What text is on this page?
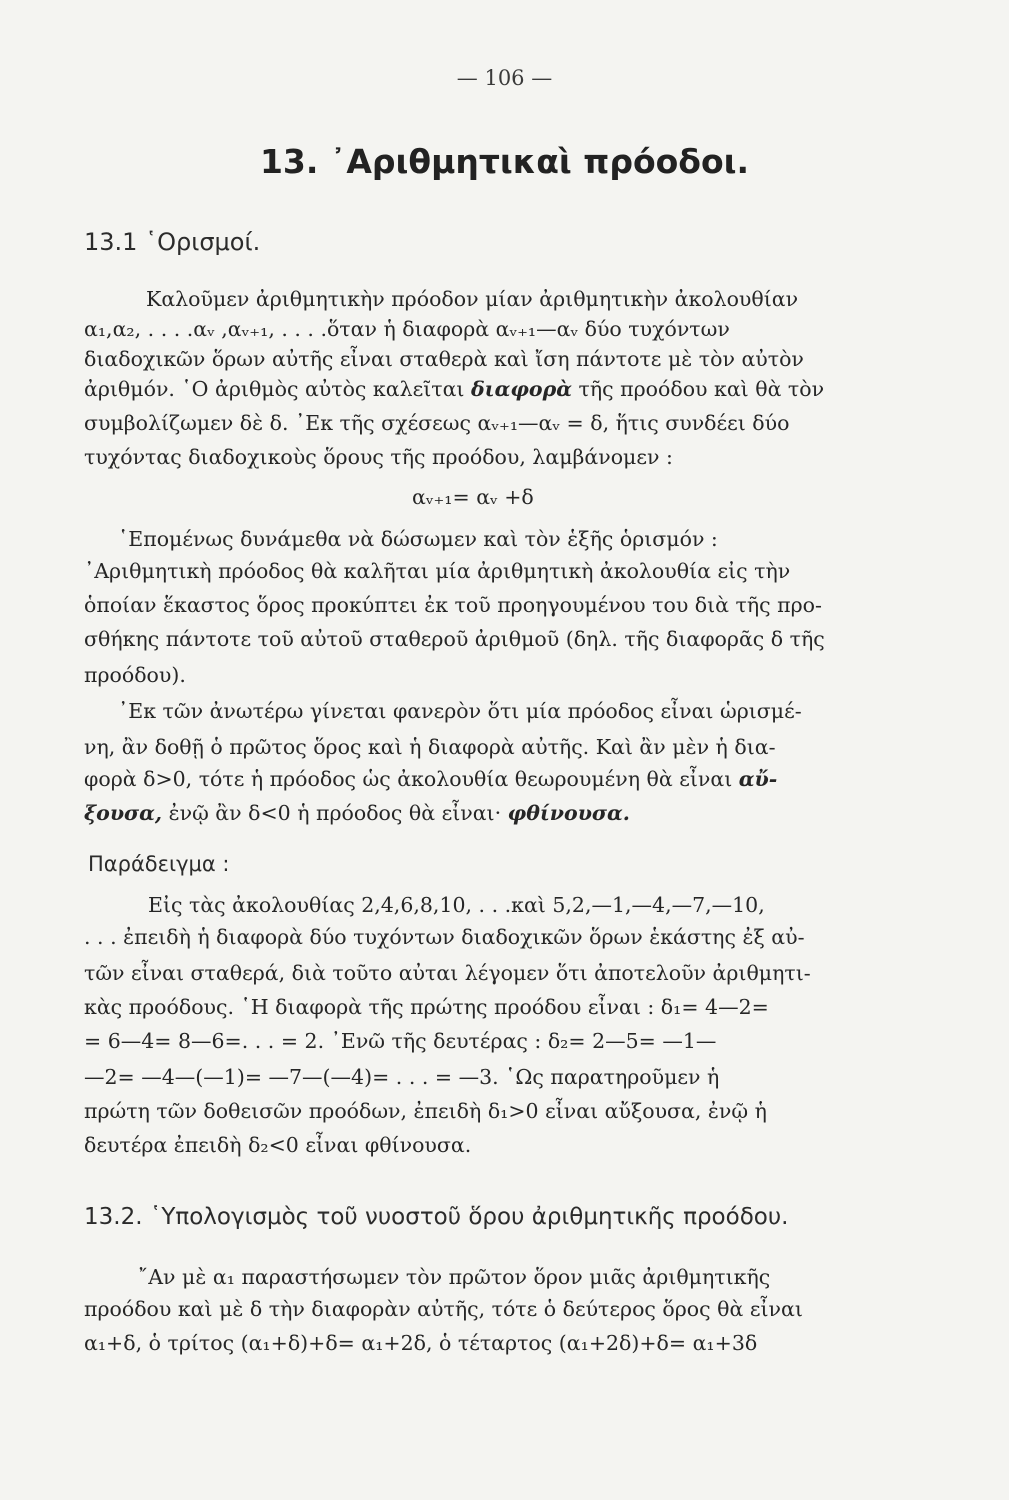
— 106 —
13. ᾿Αριθμητικαὶ πρόοδοι.
13.1 ῾Ορισμοί.
Καλοῦμεν ἀριθμητικὴν πρόοδον μίαν ἀριθμητικὴν ἀκολουθίαν
α₁,α₂, . . . .αᵥ ,αᵥ₊₁, . . . .ὅταν ἡ διαφορὰ αᵥ₊₁—αᵥ δύο τυχόντων
διαδοχικῶν ὅρων αὐτῆς εἶναι σταθερὰ καὶ ἴση πάντοτε μὲ τὸν αὐτὸν
ἀριθμόν. ῾Ο ἀριθμὸς αὐτὸς καλεῖται διαφορὰ τῆς προόδου καὶ θὰ τὸν
συμβολίζωμεν δὲ δ. ᾿Εκ τῆς σχέσεως αᵥ₊₁—αᵥ = δ, ἥτις συνδέει δύο
τυχόντας διαδοχικοὺς ὅρους τῆς προόδου, λαμβάνομεν :
αᵥ₊₁= αᵥ +δ
῾Επομένως δυνάμεθα νὰ δώσωμεν καὶ τὸν ἑξῆς ὁρισμόν :
᾿Αριθμητικὴ πρόοδος θὰ καλῆται μία ἀριθμητικὴ ἀκολουθία εἰς τὴν
ὁποίαν ἕκαστος ὅρος προκύπτει ἐκ τοῦ προηγουμένου του διὰ τῆς προ-
σθήκης πάντοτε τοῦ αὐτοῦ σταθεροῦ ἀριθμοῦ (δηλ. τῆς διαφορᾶς δ τῆς
προόδου).
᾿Εκ τῶν ἀνωτέρω γίνεται φανερὸν ὅτι μία πρόοδος εἶναι ὡρισμέ-
νη, ἂν δοθῇ ὁ πρῶτος ὅρος καὶ ἡ διαφορὰ αὐτῆς. Καὶ ἂν μὲν ἡ δια-
φορὰ δ>0, τότε ἡ πρόοδος ὡς ἀκολουθία θεωρουμένη θὰ εἶναι αὔ-
ξουσα, ἐνῷ ἂν δ<0 ἡ πρόοδος θὰ εἶναι· φθίνουσα.
Παράδειγμα :
Εἰς τὰς ἀκολουθίας 2,4,6,8,10, . . .καὶ 5,2,—1,—4,—7,—10,
. . . ἐπειδὴ ἡ διαφορὰ δύο τυχόντων διαδοχικῶν ὅρων ἑκάστης ἐξ αὐ-
τῶν εἶναι σταθερά, διὰ τοῦτο αὐται λέγομεν ὅτι ἀποτελοῦν ἀριθμητι-
κὰς προόδους. ῾Η διαφορὰ τῆς πρώτης προόδου εἶναι : δ₁= 4—2=
= 6—4= 8—6=. . . = 2. ᾿Ενῶ τῆς δευτέρας : δ₂= 2—5= —1—
—2= —4—(—1)= —7—(—4)= . . . = —3. ῾Ως παρατηροῦμεν ἡ
πρώτη τῶν δοθεισῶν προόδων, ἐπειδὴ δ₁>0 εἶναι αὔξουσα, ἐνῷ ἡ
δευτέρα ἐπειδὴ δ₂<0 εἶναι φθίνουσα.
13.2. ῾Υπολογισμὸς τοῦ νυοστοῦ ὅρου ἀριθμητικῆς προόδου.
῎Αν μὲ α₁ παραστήσωμεν τὸν πρῶτον ὅρον μιᾶς ἀριθμητικῆς
προόδου καὶ μὲ δ τὴν διαφορὰν αὐτῆς, τότε ὁ δεύτερος ὅρος θὰ εἶναι
α₁+δ, ὁ τρίτος (α₁+δ)+δ= α₁+2δ, ὁ τέταρτος (α₁+2δ)+δ= α₁+3δ
